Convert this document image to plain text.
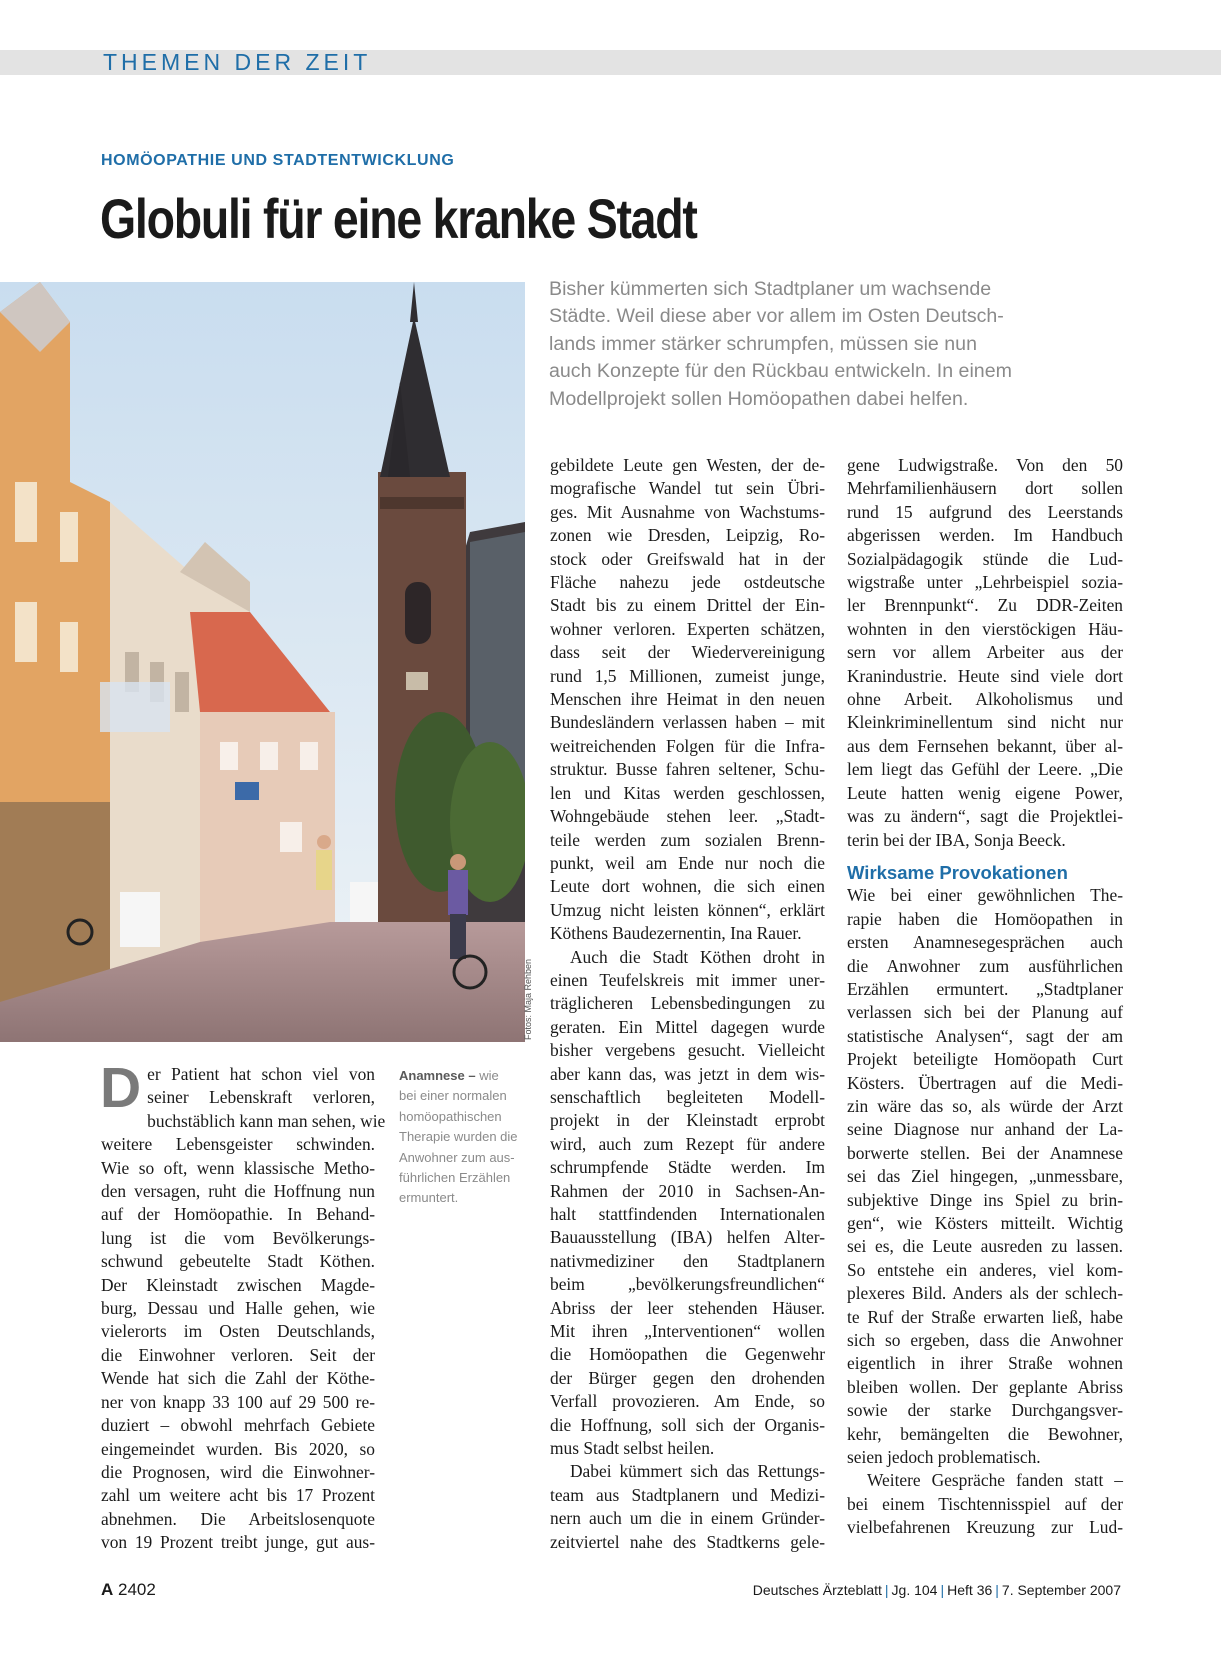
THEMEN DER ZEIT
HOMÖOPATHIE UND STADTENTWICKLUNG
Globuli für eine kranke Stadt
Bisher kümmerten sich Stadtplaner um wachsende
Städte. Weil diese aber vor allem im Osten Deutsch-
lands immer stärker schrumpfen, müssen sie nun
auch Konzepte für den Rückbau entwickeln. In einem
Modellprojekt sollen Homöopathen dabei helfen.
Fotos: Maja Rehben
D er Patient hat schon viel von
seiner Lebenskraft verloren,
buchstäblich kann man sehen, wie
weitere Lebensgeister schwinden.
Wie so oft, wenn klassische Metho-
den versagen, ruht die Hoffnung nun
auf der Homöopathie. In Behand-
lung ist die vom Bevölkerungs-
schwund gebeutelte Stadt Köthen.
Der Kleinstadt zwischen Magde-
burg, Dessau und Halle gehen, wie
vielerorts im Osten Deutschlands,
die Einwohner verloren. Seit der
Wende hat sich die Zahl der Köthe-
ner von knapp 33 100 auf 29 500 re-
duziert – obwohl mehrfach Gebiete
eingemeindet wurden. Bis 2020, so
die Prognosen, wird die Einwohner-
zahl um weitere acht bis 17 Prozent
abnehmen. Die Arbeitslosenquote
von 19 Prozent treibt junge, gut aus-
Anamnese – wie
bei einer normalen
homöopathischen
Therapie wurden die
Anwohner zum aus-
führlichen Erzählen
ermuntert.
gebildete Leute gen Westen, der de-
mografische Wandel tut sein Übri-
ges. Mit Ausnahme von Wachstums-
zonen wie Dresden, Leipzig, Ro-
stock oder Greifswald hat in der
Fläche nahezu jede ostdeutsche
Stadt bis zu einem Drittel der Ein-
wohner verloren. Experten schätzen,
dass seit der Wiedervereinigung
rund 1,5 Millionen, zumeist junge,
Menschen ihre Heimat in den neuen
Bundesländern verlassen haben – mit
weitreichenden Folgen für die Infra-
struktur. Busse fahren seltener, Schu-
len und Kitas werden geschlossen,
Wohngebäude stehen leer. „Stadt-
teile werden zum sozialen Brenn-
punkt, weil am Ende nur noch die
Leute dort wohnen, die sich einen
Umzug nicht leisten können“, erklärt
Köthens Baudezernentin, Ina Rauer.
Auch die Stadt Köthen droht in
einen Teufelskreis mit immer uner-
träglicheren Lebensbedingungen zu
geraten. Ein Mittel dagegen wurde
bisher vergebens gesucht. Vielleicht
aber kann das, was jetzt in dem wis-
senschaftlich begleiteten Modell-
projekt in der Kleinstadt erprobt
wird, auch zum Rezept für andere
schrumpfende Städte werden. Im
Rahmen der 2010 in Sachsen-An-
halt stattfindenden Internationalen
Bauausstellung (IBA) helfen Alter-
nativmediziner den Stadtplanern
beim „bevölkerungsfreundlichen“
Abriss der leer stehenden Häuser.
Mit ihren „Interventionen“ wollen
die Homöopathen die Gegenwehr
der Bürger gegen den drohenden
Verfall provozieren. Am Ende, so
die Hoffnung, soll sich der Organis-
mus Stadt selbst heilen.
Dabei kümmert sich das Rettungs-
team aus Stadtplanern und Medizi-
nern auch um die in einem Gründer-
zeitviertel nahe des Stadtkerns gele-
gene Ludwigstraße. Von den 50
Mehrfamilienhäusern dort sollen
rund 15 aufgrund des Leerstands
abgerissen werden. Im Handbuch
Sozialpädagogik stünde die Lud-
wigstraße unter „Lehrbeispiel sozia-
ler Brennpunkt“. Zu DDR-Zeiten
wohnten in den vierstöckigen Häu-
sern vor allem Arbeiter aus der
Kranindustrie. Heute sind viele dort
ohne Arbeit. Alkoholismus und
Kleinkriminellentum sind nicht nur
aus dem Fernsehen bekannt, über al-
lem liegt das Gefühl der Leere. „Die
Leute hatten wenig eigene Power,
was zu ändern“, sagt die Projektlei-
terin bei der IBA, Sonja Beeck.
Wirksame Provokationen
Wie bei einer gewöhnlichen The-
rapie haben die Homöopathen in
ersten Anamnesegesprächen auch
die Anwohner zum ausführlichen
Erzählen ermuntert. „Stadtplaner
verlassen sich bei der Planung auf
statistische Analysen“, sagt der am
Projekt beteiligte Homöopath Curt
Kösters. Übertragen auf die Medi-
zin wäre das so, als würde der Arzt
seine Diagnose nur anhand der La-
borwerte stellen. Bei der Anamnese
sei das Ziel hingegen, „unmessbare,
subjektive Dinge ins Spiel zu brin-
gen“, wie Kösters mitteilt. Wichtig
sei es, die Leute ausreden zu lassen.
So entstehe ein anderes, viel kom-
plexeres Bild. Anders als der schlech-
te Ruf der Straße erwarten ließ, habe
sich so ergeben, dass die Anwohner
eigentlich in ihrer Straße wohnen
bleiben wollen. Der geplante Abriss
sowie der starke Durchgangsver-
kehr, bemängelten die Bewohner,
seien jedoch problematisch.
Weitere Gespräche fanden statt –
bei einem Tischtennisspiel auf der
vielbefahrenen Kreuzung zur Lud-
A 2402	Deutsches Ärzteblatt | Jg. 104 | Heft 36 | 7. September 2007
